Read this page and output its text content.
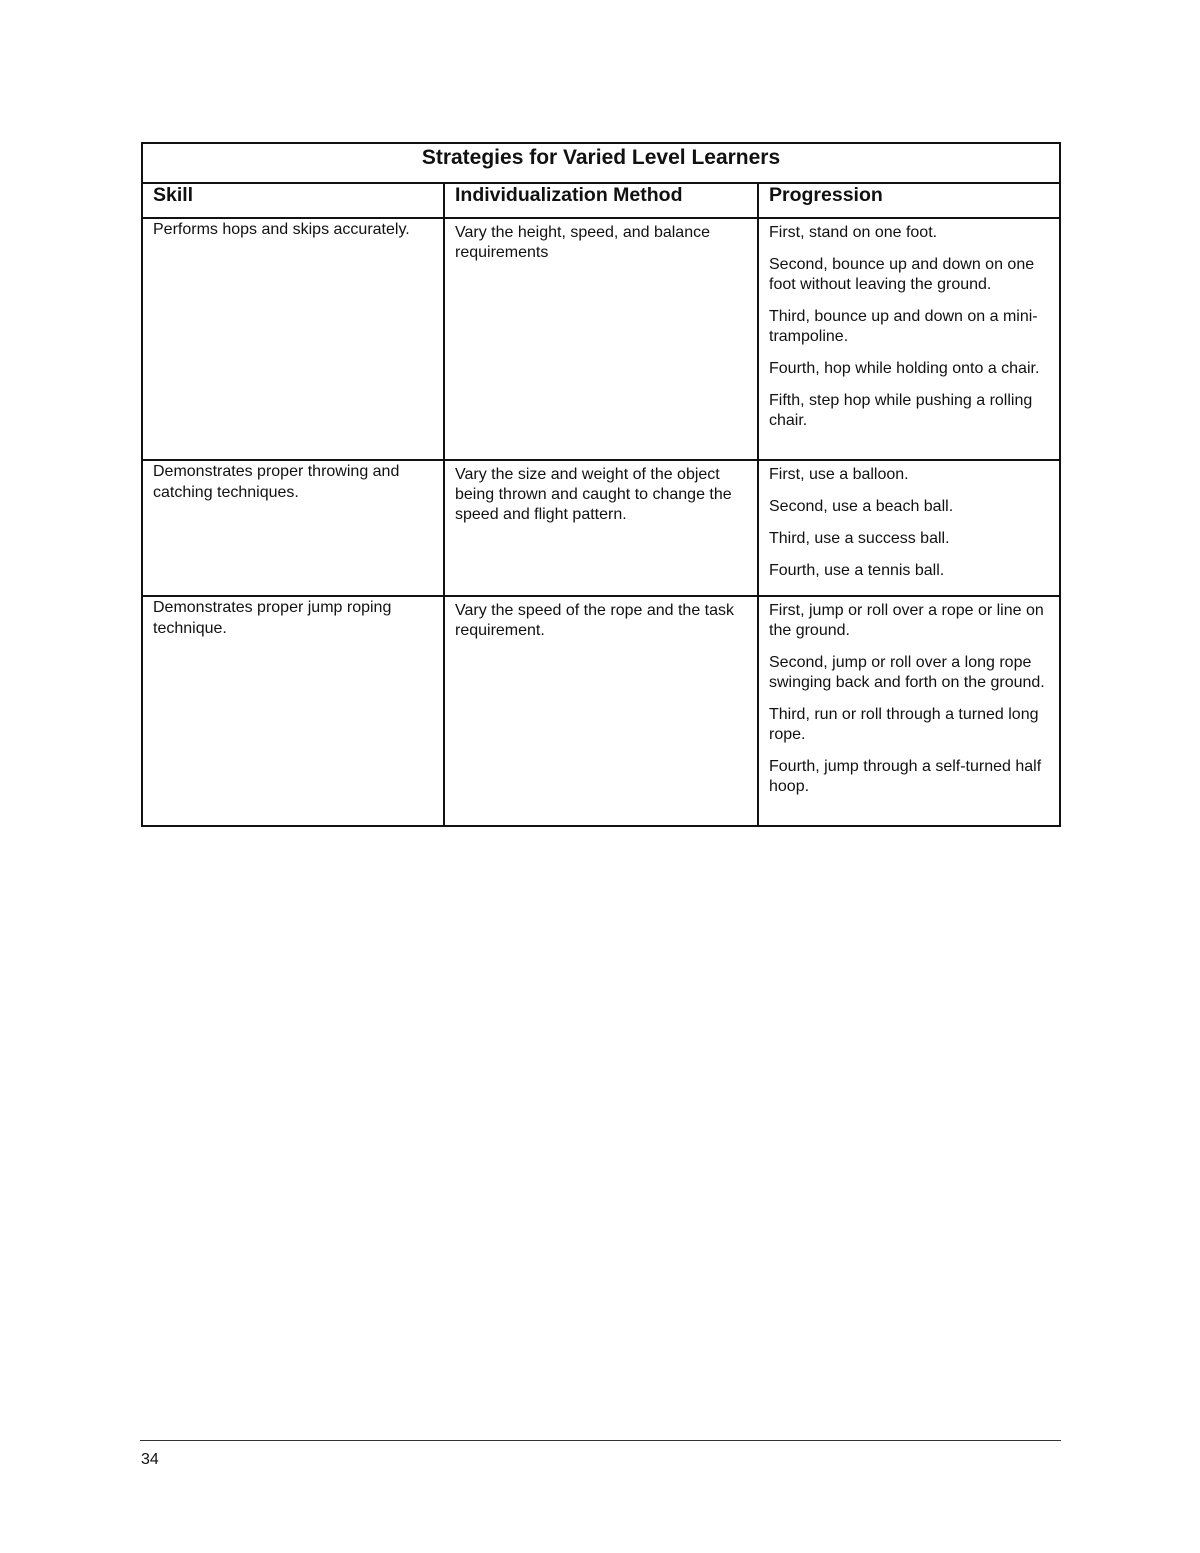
Strategies for Varied Level Learners		
Skill	Individualization Method	Progression
Performs hops and skips accurately.	Vary the height, speed, and balance requirements	First, stand on one foot.
Second, bounce up and down on one foot without leaving the ground.
Third, bounce up and down on a mini-trampoline.
Fourth, hop while holding onto a chair.
Fifth, step hop while pushing a rolling chair.

Demonstrates proper throwing and catching techniques.	Vary the size and weight of the object being thrown and caught to change the speed and flight pattern.	First, use a balloon.
Second, use a beach ball.
Third, use a success ball.
Fourth, use a tennis ball.

Demonstrates proper jump roping technique.	Vary the speed of the rope and the task requirement.	First, jump or roll over a rope or line on the ground.
Second, jump or roll over a long rope swinging back and forth on the ground.
Third, run or roll through a turned long rope.
Fourth, jump through a self-turned half hoop.
34
